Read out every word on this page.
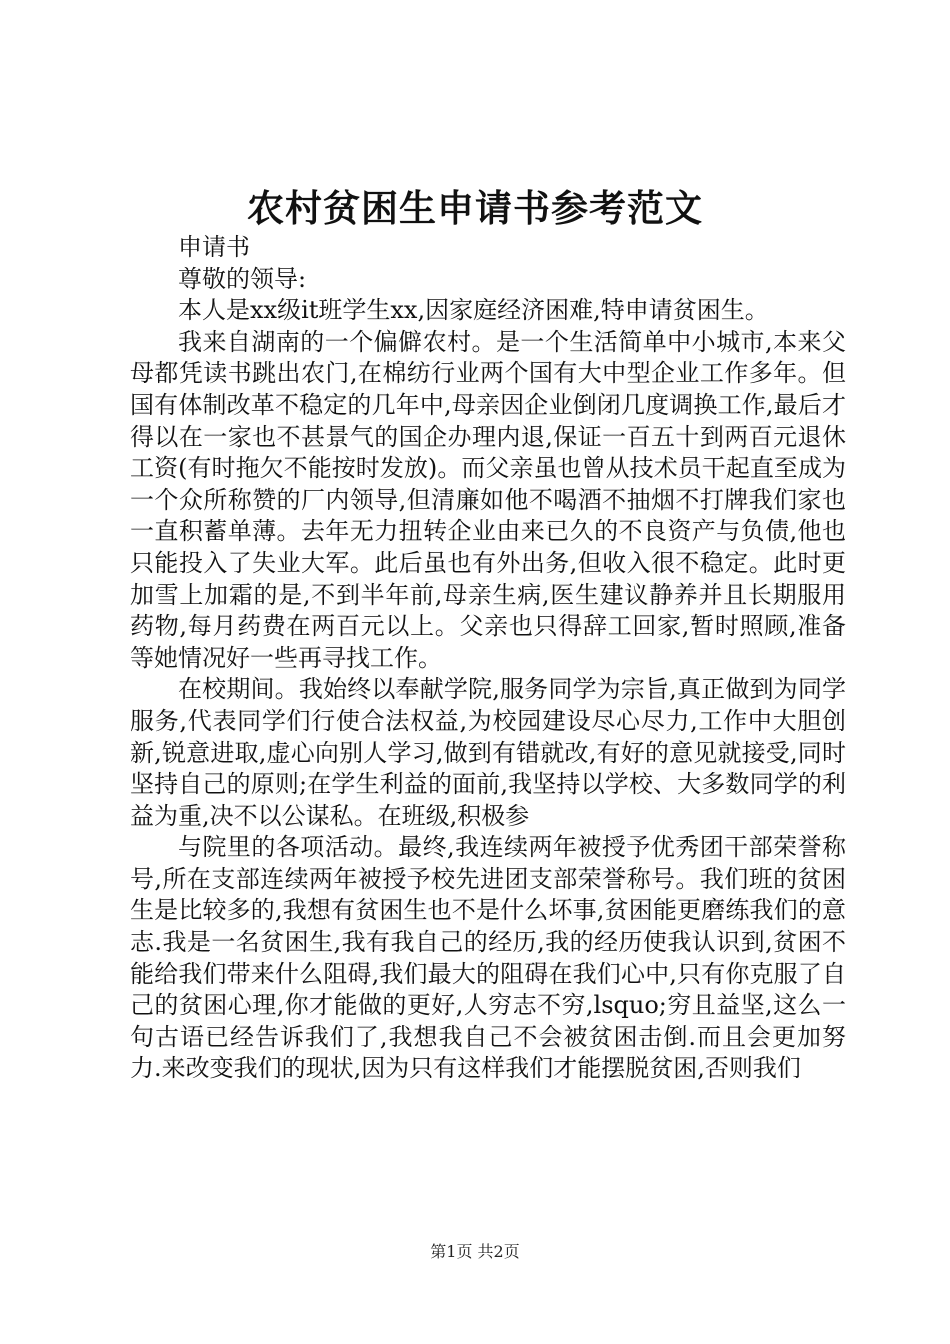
农村贫困生申请书参考范文

申请书

尊敬的领导:

本人是xx级it班学生xx,因家庭经济困难,特申请贫困生。

我来自湖南的一个偏僻农村。是一个生活简单中小城市,本来父母都凭读书跳出农门,在棉纺行业两个国有大中型企业工作多年。但国有体制改革不稳定的几年中,母亲因企业倒闭几度调换工作,最后才得以在一家也不甚景气的国企办理内退,保证一百五十到两百元退休工资(有时拖欠不能按时发放)。而父亲虽也曾从技术员干起直至成为一个众所称赞的厂内领导,但清廉如他不喝酒不抽烟不打牌我们家也一直积蓄单薄。去年无力扭转企业由来已久的不良资产与负债,他也只能投入了失业大军。此后虽也有外出务,但收入很不稳定。此时更加雪上加霜的是,不到半年前,母亲生病,医生建议静养并且长期服用药物,每月药费在两百元以上。父亲也只得辞工回家,暂时照顾,准备等她情况好一些再寻找工作。

在校期间。我始终以奉献学院,服务同学为宗旨,真正做到为同学服务,代表同学们行使合法权益,为校园建设尽心尽力,工作中大胆创新,锐意进取,虚心向别人学习,做到有错就改,有好的意见就接受,同时坚持自己的原则;在学生利益的面前,我坚持以学校、大多数同学的利益为重,决不以公谋私。在班级,积极参

与院里的各项活动。最终,我连续两年被授予优秀团干部荣誉称号,所在支部连续两年被授予校先进团支部荣誉称号。我们班的贫困生是比较多的,我想有贫困生也不是什么坏事,贫困能更磨练我们的意志.我是一名贫困生,我有我自己的经历,我的经历使我认识到,贫困不能给我们带来什么阻碍,我们最大的阻碍在我们心中,只有你克服了自己的贫困心理,你才能做的更好,人穷志不穷,lsquo;穷且益坚,这么一句古语已经告诉我们了,我想我自己不会被贫困击倒.而且会更加努力.来改变我们的现状,因为只有这样我们才能摆脱贫困,否则我们

第1页 共2页
